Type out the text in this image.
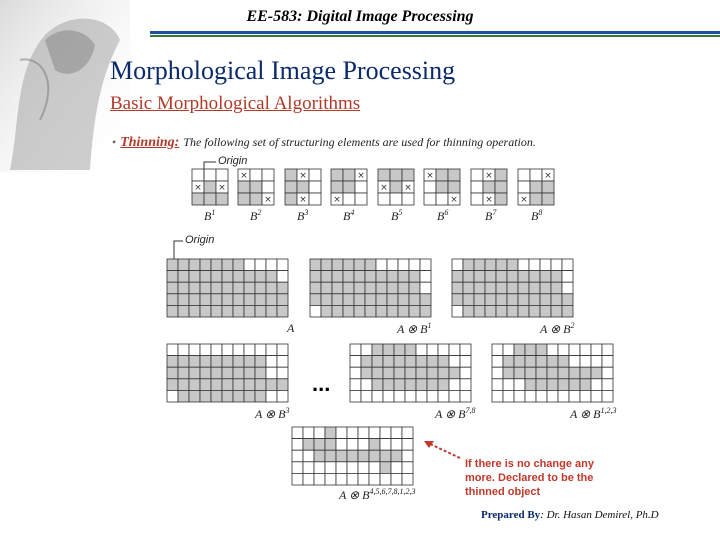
EE-583: Digital Image Processing
Morphological Image Processing
Basic Morphological Algorithms
• Thinning: The following set of structuring elements are used for thinning operation.
× ×
×
×
×
×
×
×
× ×
×
×
×
×
×
×
Origin
Origin
$B^1$	$B^2$	$B^3$	$B^4$	$B^5$	$B^6$	$B^7$	$B^8$
A	A ⊗ $B^1$	A ⊗ $B^2$
A ⊗ $B^3$	A ⊗ B$^{7,8}$	A ⊗ B$^{1,2,3}$
A ⊗ B$^{4,5,6,7,8,1,2,3}$
...
If there is no change any more. Declared to be the thinned object
Prepared By: Dr. Hasan Demirel, Ph.D
